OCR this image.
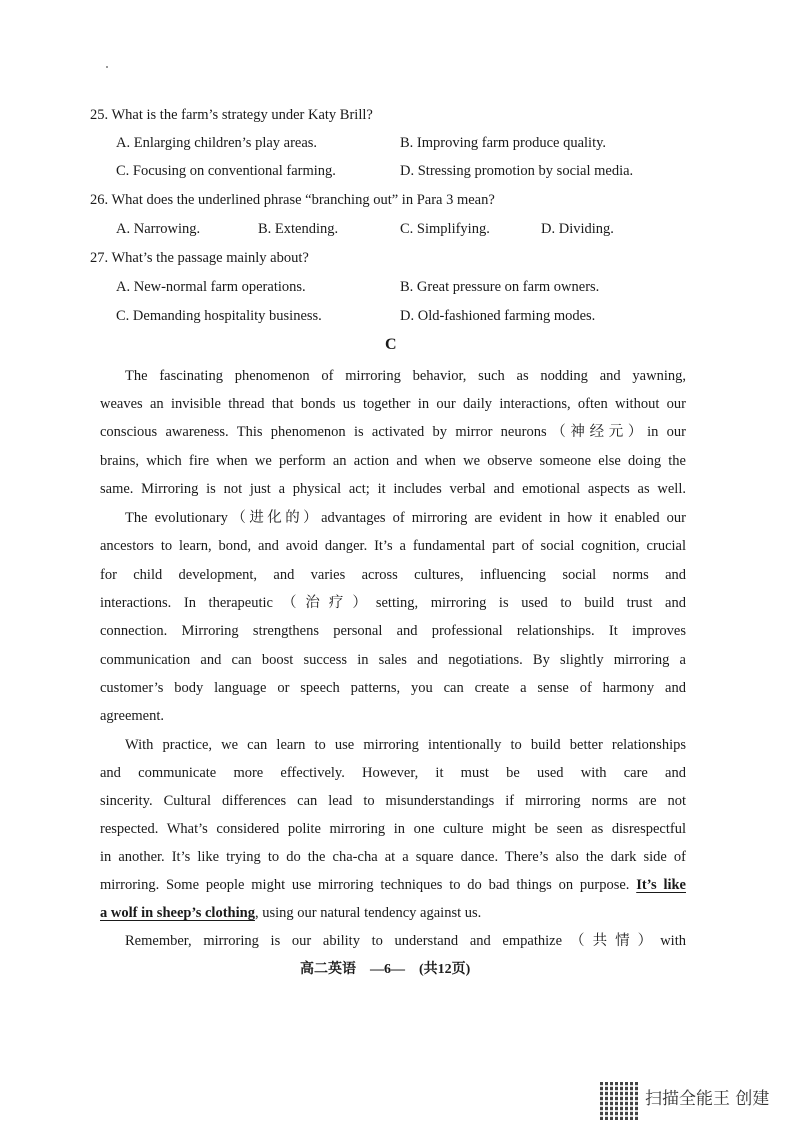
25. What is the farm’s strategy under Katy Brill?
A. Enlarging children’s play areas.	B. Improving farm produce quality.
C. Focusing on conventional farming.	D. Stressing promotion by social media.
26. What does the underlined phrase “branching out” in Para 3 mean?
A. Narrowing.	B. Extending.	C. Simplifying.	D. Dividing.
27. What’s the passage mainly about?
A. New-normal farm operations.	B. Great pressure on farm owners.
C. Demanding hospitality business.	D. Old-fashioned farming modes.
C
The fascinating phenomenon of mirroring behavior, such as nodding and yawning,
weaves an invisible thread that bonds us together in our daily interactions, often without our
conscious awareness. This phenomenon is activated by mirror neurons（神经元）in our
brains, which fire when we perform an action and when we observe someone else doing the
same. Mirroring is not just a physical act; it includes verbal and emotional aspects as well.
The evolutionary（进化的）advantages of mirroring are evident in how it enabled our
ancestors to learn, bond, and avoid danger. It’s a fundamental part of social cognition, crucial
for child development, and varies across cultures, influencing social norms and
interactions. In therapeutic（治疗）setting, mirroring is used to build trust and
connection. Mirroring strengthens personal and professional relationships. It improves
communication and can boost success in sales and negotiations. By slightly mirroring a
customer’s body language or speech patterns, you can create a sense of harmony and
agreement.
With practice, we can learn to use mirroring intentionally to build better relationships
and communicate more effectively. However, it must be used with care and
sincerity. Cultural differences can lead to misunderstandings if mirroring norms are not
respected. What’s considered polite mirroring in one culture might be seen as disrespectful
in another. It’s like trying to do the cha-cha at a square dance. There’s also the dark side of
mirroring. Some people might use mirroring techniques to do bad things on purpose. It’s like
a wolf in sheep’s clothing, using our natural tendency against us.
Remember, mirroring is our ability to understand and empathize（共情）with
高二英语　—6—　(共12页)
扫描全能王 创建
